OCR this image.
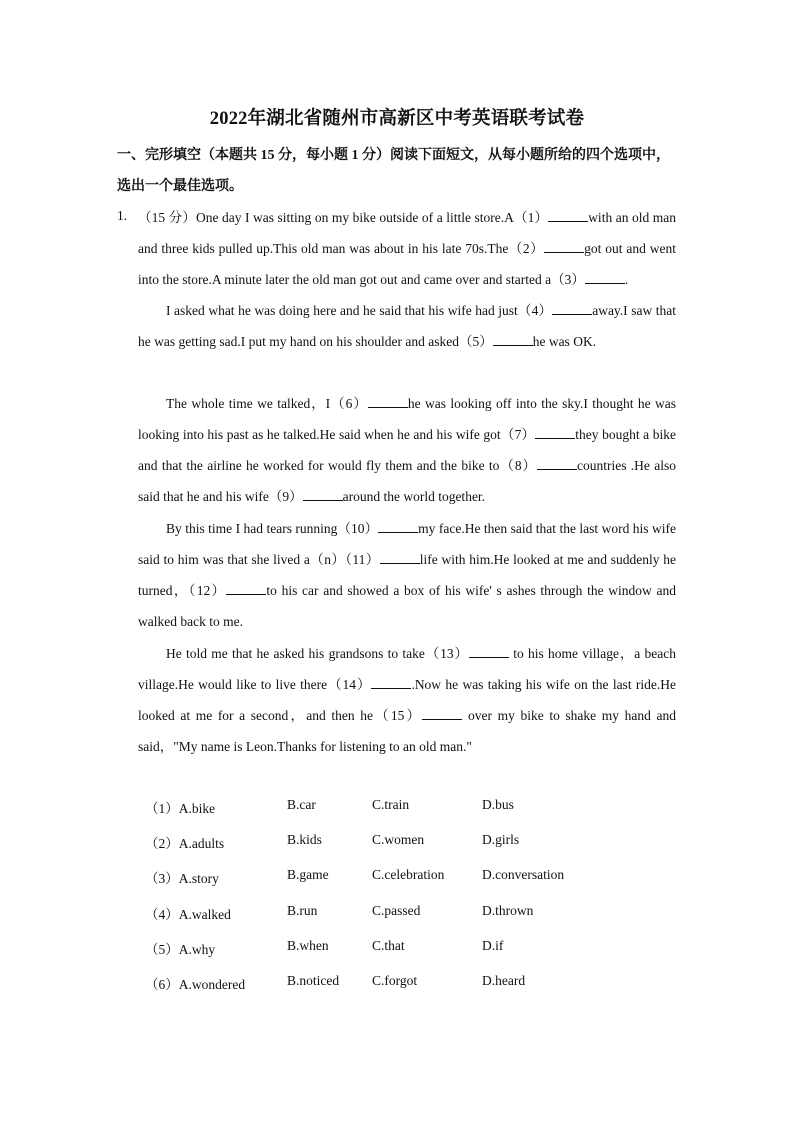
2022年湖北省随州市高新区中考英语联考试卷
一、完形填空（本题共 15 分，每小题 1 分）阅读下面短文，从每小题所给的四个选项中，
选出一个最佳选项。
1. （15 分）One day I was sitting on my bike outside of a little store.A（1）	with an old man and three kids pulled up.This old man was about in his late 70s.The（2）	got out and went into the store.A minute later the old man got out and came over and started a（3）	.

I asked what he was doing here and he said that his wife had just（4）	away.I saw that he was getting sad.I put my hand on his shoulder and asked（5）	he was OK.

The whole time we talked，I（6）	he was looking off into the sky.I thought he was looking into his past as he talked.He said when he and his wife got（7）	they bought a bike and that the airline he worked for would fly them and the bike to（8）	countries .He also said that he and his wife（9）	around the world together.

By this time I had tears running（10）	my face.He then said that the last word his wife said to him was that she lived a（n）（11）	life with him.He looked at me and suddenly he turned，（12）	to his car and showed a box of his wife' s ashes through the window and walked back to me.

He told me that he asked his grandsons to take（13）	to his home village，a beach village.He would like to live there（14）	.Now he was taking his wife on the last ride.He looked at me for a second，and then he（15）	over my bike to shake my hand and said，"My name is Leon.Thanks for listening to an old man."

（1）A.bike	B.car	C.train	D.bus
（2）A.adults	B.kids	C.women	D.girls
（3）A.story	B.game	C.celebration	D.conversation
（4）A.walked	B.run	C.passed	D.thrown
（5）A.why	B.when	C.that	D.if
（6）A.wondered	B.noticed C.forgot	D.heard
